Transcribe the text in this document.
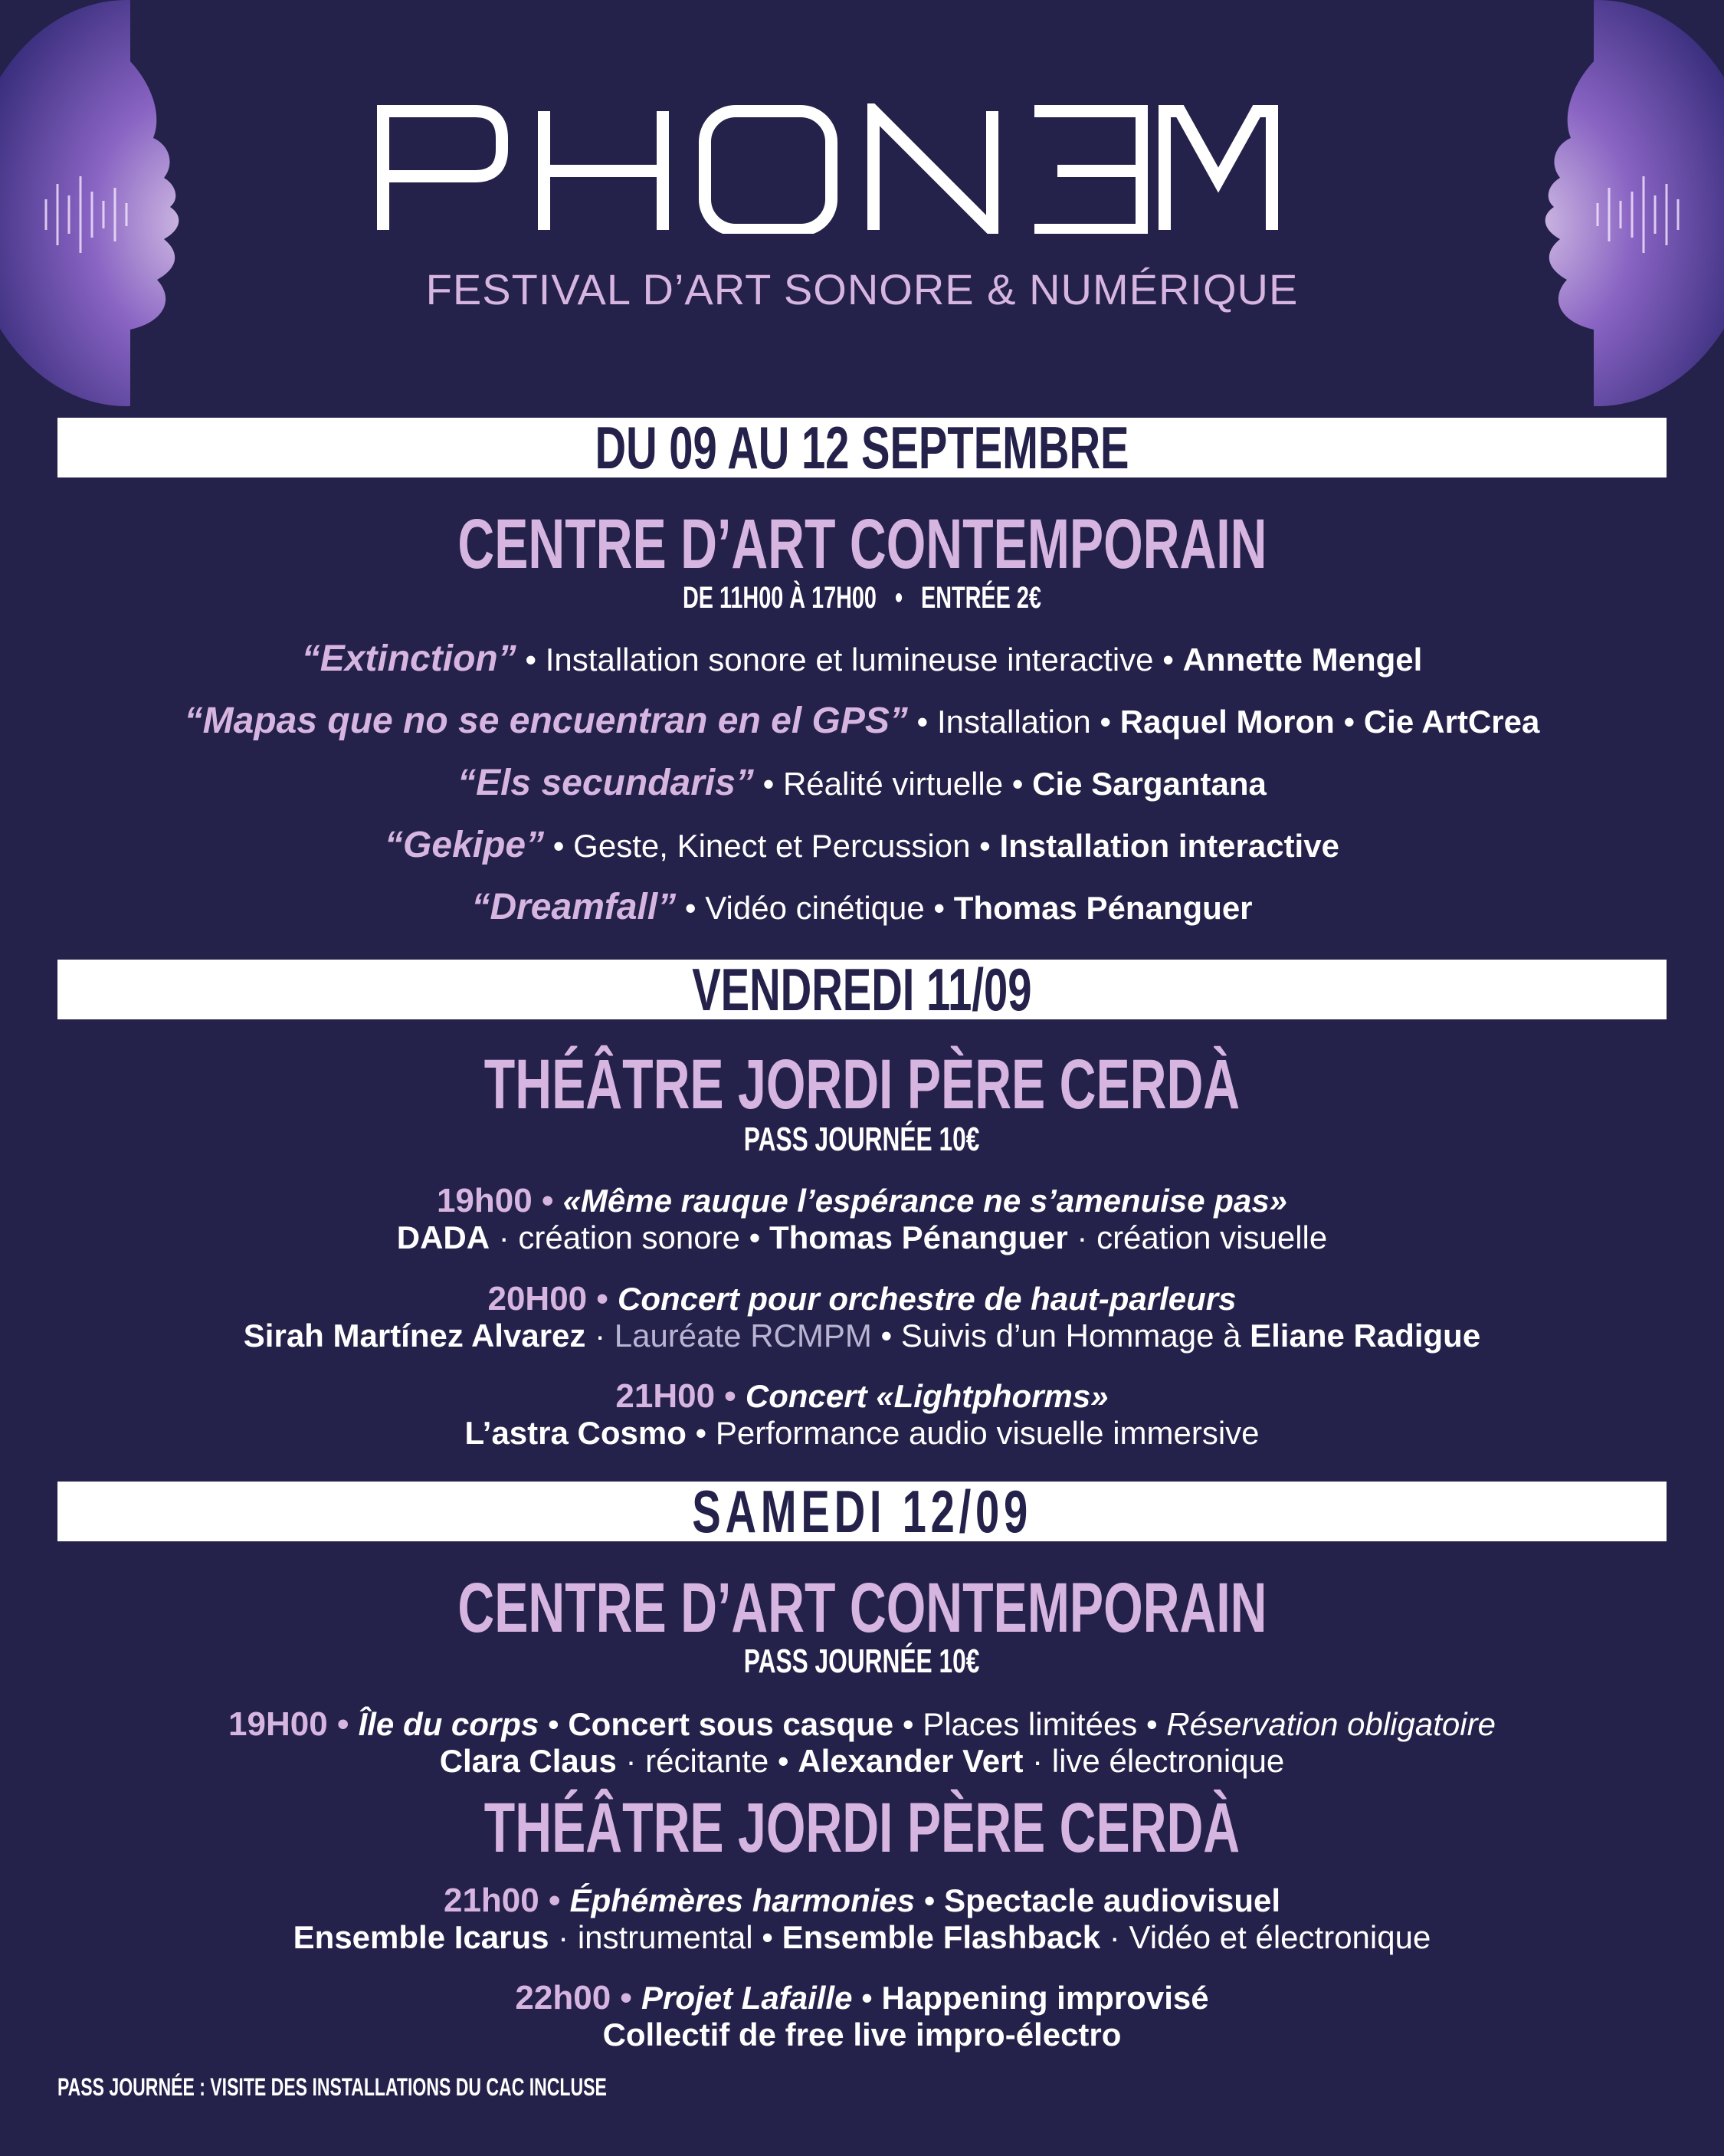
FESTIVAL D’ART SONORE & NUMÉRIQUE
DU 09 AU 12 SEPTEMBRE
CENTRE D’ART CONTEMPORAIN
DE 11H00 À 17H00   •   ENTRÉE 2€
“Extinction” • Installation sonore et lumineuse interactive • Annette Mengel
“Mapas que no se encuentran en el GPS” • Installation • Raquel Moron • Cie ArtCrea
“Els secundaris” • Réalité virtuelle • Cie Sargantana
“Gekipe” • Geste, Kinect et Percussion • Installation interactive
“Dreamfall” • Vidéo cinétique • Thomas Pénanguer
VENDREDI 11/09
THÉÂTRE JORDI PÈRE CERDÀ
PASS JOURNÉE 10€
19h00 • «Même rauque l’espérance ne s’amenuise pas»
DADA · création sonore • Thomas Pénanguer · création visuelle
20H00 • Concert pour orchestre de haut-parleurs
Sirah Martínez Alvarez · Lauréate RCMPM • Suivis d’un Hommage à Eliane Radigue
21H00 • Concert «Lightphorms»
L’astra Cosmo • Performance audio visuelle immersive
SAMEDI 12/09
CENTRE D’ART CONTEMPORAIN
PASS JOURNÉE 10€
19H00 • Île du corps • Concert sous casque • Places limitées • Réservation obligatoire
Clara Claus · récitante • Alexander Vert · live électronique
THÉÂTRE JORDI PÈRE CERDÀ
21h00 • Éphémères harmonies • Spectacle audiovisuel
Ensemble Icarus · instrumental • Ensemble Flashback · Vidéo et électronique
22h00 • Projet Lafaille • Happening improvisé
Collectif de free live impro-électro
PASS JOURNÉE : VISITE DES INSTALLATIONS DU CAC INCLUSE
